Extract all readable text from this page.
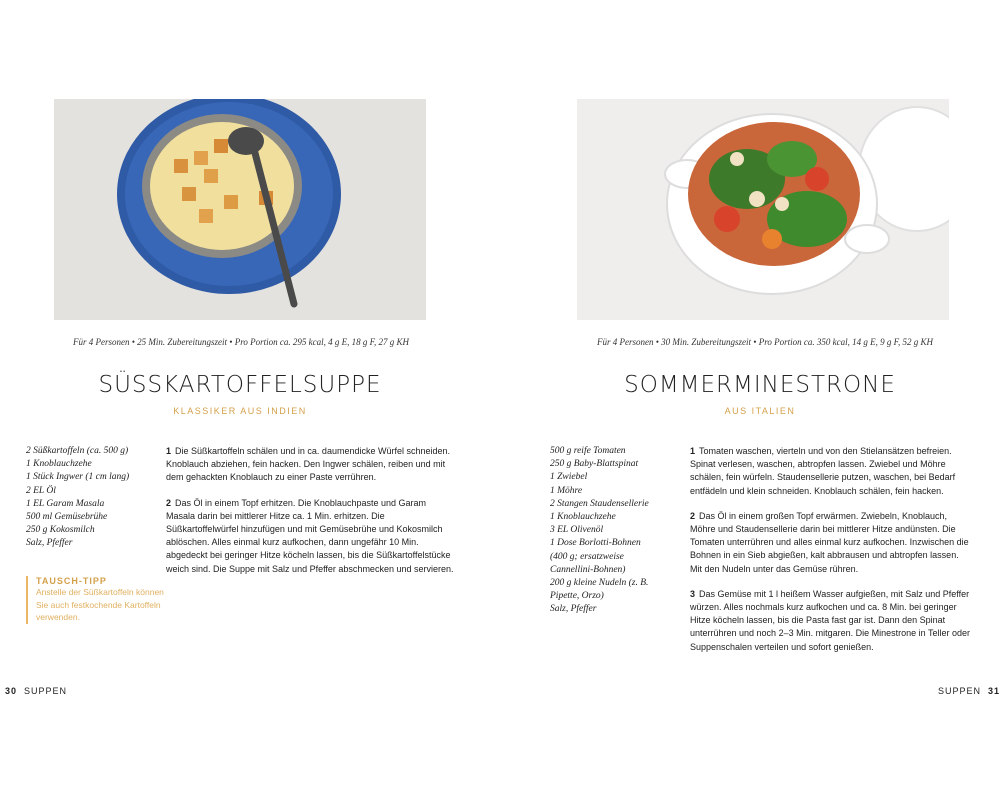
Für 4 Personen • 25 Min. Zubereitungszeit • Pro Portion ca. 295 kcal, 4 g E, 18 g F, 27 g KH
SÜSSKARTOFFELSUPPE
KLASSIKER AUS INDIEN
2 Süßkartoffeln (ca. 500 g)
1 Knoblauchzehe
1 Stück Ingwer (1 cm lang)
2 EL Öl
1 EL Garam Masala
500 ml Gemüsebrühe
250 g Kokosmilch
Salz, Pfeffer

1 Die Süßkartoffeln schälen und in ca. daumendicke Würfel schneiden. Knoblauch abziehen, fein hacken. Den Ingwer schälen, reiben und mit dem gehackten Knoblauch zu einer Paste verrühren.

2 Das Öl in einem Topf erhitzen. Die Knoblauchpaste und Garam Masala darin bei mittlerer Hitze ca. 1 Min. erhitzen. Die Süßkartoffelwürfel hinzufügen und mit Gemüsebrühe und Kokosmilch ablöschen. Alles einmal kurz aufkochen, dann ungefähr 10 Min. abgedeckt bei geringer Hitze köcheln lassen, bis die Süßkartoffelstücke weich sind. Die Suppe mit Salz und Pfeffer abschmecken und servieren.

TAUSCH-TIPP
Anstelle der Süßkartoffeln können Sie auch festkochende Kartoffeln verwenden.
30 SUPPEN
Für 4 Personen • 30 Min. Zubereitungszeit • Pro Portion ca. 350 kcal, 14 g E, 9 g F, 52 g KH
SOMMERMINESTRONE
AUS ITALIEN
500 g reife Tomaten
250 g Baby-Blattspinat
1 Zwiebel
1 Möhre
2 Stangen Staudensellerie
1 Knoblauchzehe
3 EL Olivenöl
1 Dose Borlotti-Bohnen (400 g; ersatzweise Cannellini-Bohnen)
200 g kleine Nudeln (z. B. Pipette, Orzo)
Salz, Pfeffer

1 Tomaten waschen, vierteln und von den Stielansätzen befreien. Spinat verlesen, waschen, abtropfen lassen. Zwiebel und Möhre schälen, fein würfeln. Staudensellerie putzen, waschen, bei Bedarf entfädeln und klein schneiden. Knoblauch schälen, fein hacken.

2 Das Öl in einem großen Topf erwärmen. Zwiebeln, Knoblauch, Möhre und Staudensellerie darin bei mittlerer Hitze andünsten. Die Tomaten unterrühren und alles einmal kurz aufkochen. Inzwischen die Bohnen in ein Sieb abgießen, kalt abbrausen und abtropfen lassen. Mit den Nudeln unter das Gemüse rühren.

3 Das Gemüse mit 1 l heißem Wasser aufgießen, mit Salz und Pfeffer würzen. Alles nochmals kurz aufkochen und ca. 8 Min. bei geringer Hitze köcheln lassen, bis die Pasta fast gar ist. Dann den Spinat unterrühren und noch 2–3 Min. mitgaren. Die Minestrone in Teller oder Suppenschalen verteilen und sofort genießen.

SUPPEN 31
